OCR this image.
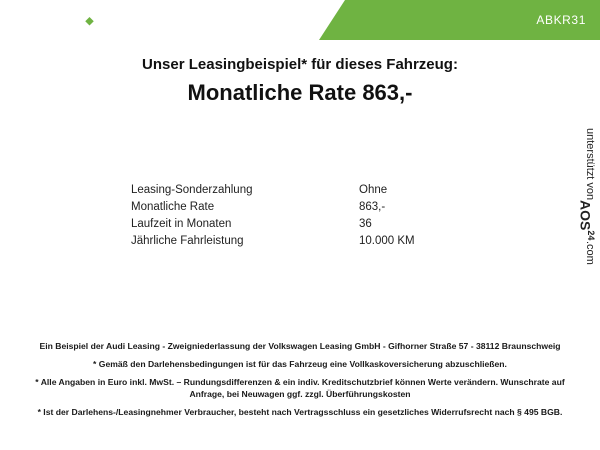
FESER GRAF	ABKR31
Unser Leasingbeispiel* für dieses Fahrzeug:
Monatliche Rate 863,-
Leasing-Sonderzahlung	Ohne
Monatliche Rate	863,-
Laufzeit in Monaten	36
Jährliche Fahrleistung	10.000 KM
unterstützt von
AOS$^{24}$
.com

Ein Beispiel der Audi Leasing - Zweigniederlassung der Volkswagen Leasing GmbH - Gifhorner Straße 57 - 38112 Braunschweig

* Gemäß den Darlehensbedingungen ist für das Fahrzeug eine Vollkaskoversicherung abzuschließen.

* Alle Angaben in Euro inkl. MwSt. – Rundungsdifferenzen & ein indiv. Kreditschutzbrief können Werte verändern. Wunschrate auf Anfrage, bei Neuwagen ggf. zzgl. Überführungskosten

* Ist der Darlehens-/Leasingnehmer Verbraucher, besteht nach Vertragsschluss ein gesetzliches Widerrufsrecht nach § 495 BGB.
